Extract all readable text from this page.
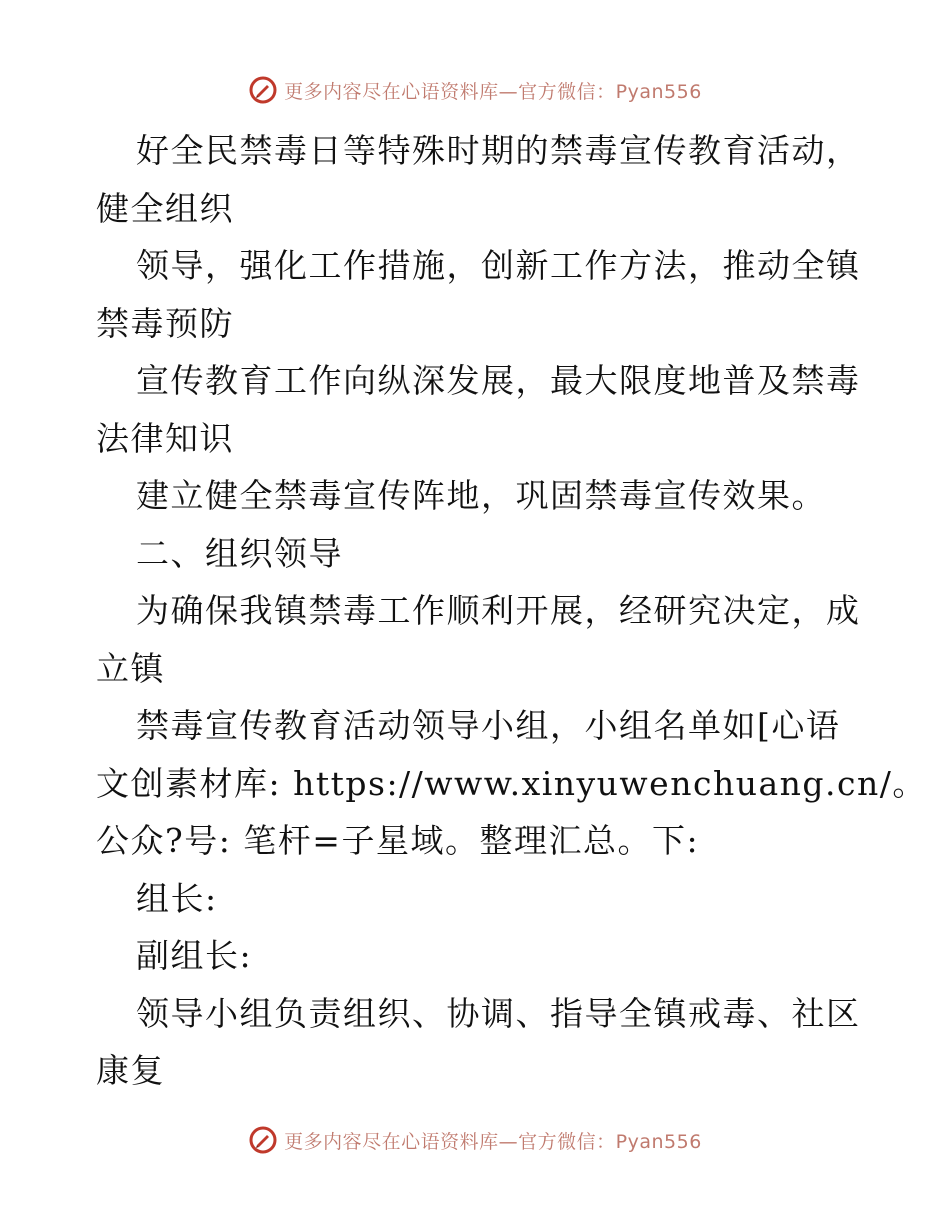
更多内容尽在心语资料库—官方微信：Pyan556
好全民禁毒日等特殊时期的禁毒宣传教育活动，
健全组织
领导，强化工作措施，创新工作方法，推动全镇
禁毒预防
宣传教育工作向纵深发展，最大限度地普及禁毒
法律知识
建立健全禁毒宣传阵地，巩固禁毒宣传效果。
二、组织领导
为确保我镇禁毒工作顺利开展，经研究决定，成
立镇
禁毒宣传教育活动领导小组，小组名单如[心语
文创素材库: https://www.xinyuwenchuang.cn/。
公众?号: 笔杆=子星域。整理汇总。下:
组长:
副组长:
领导小组负责组织、协调、指导全镇戒毒、社区
康复
更多内容尽在心语资料库—官方微信：Pyan556
